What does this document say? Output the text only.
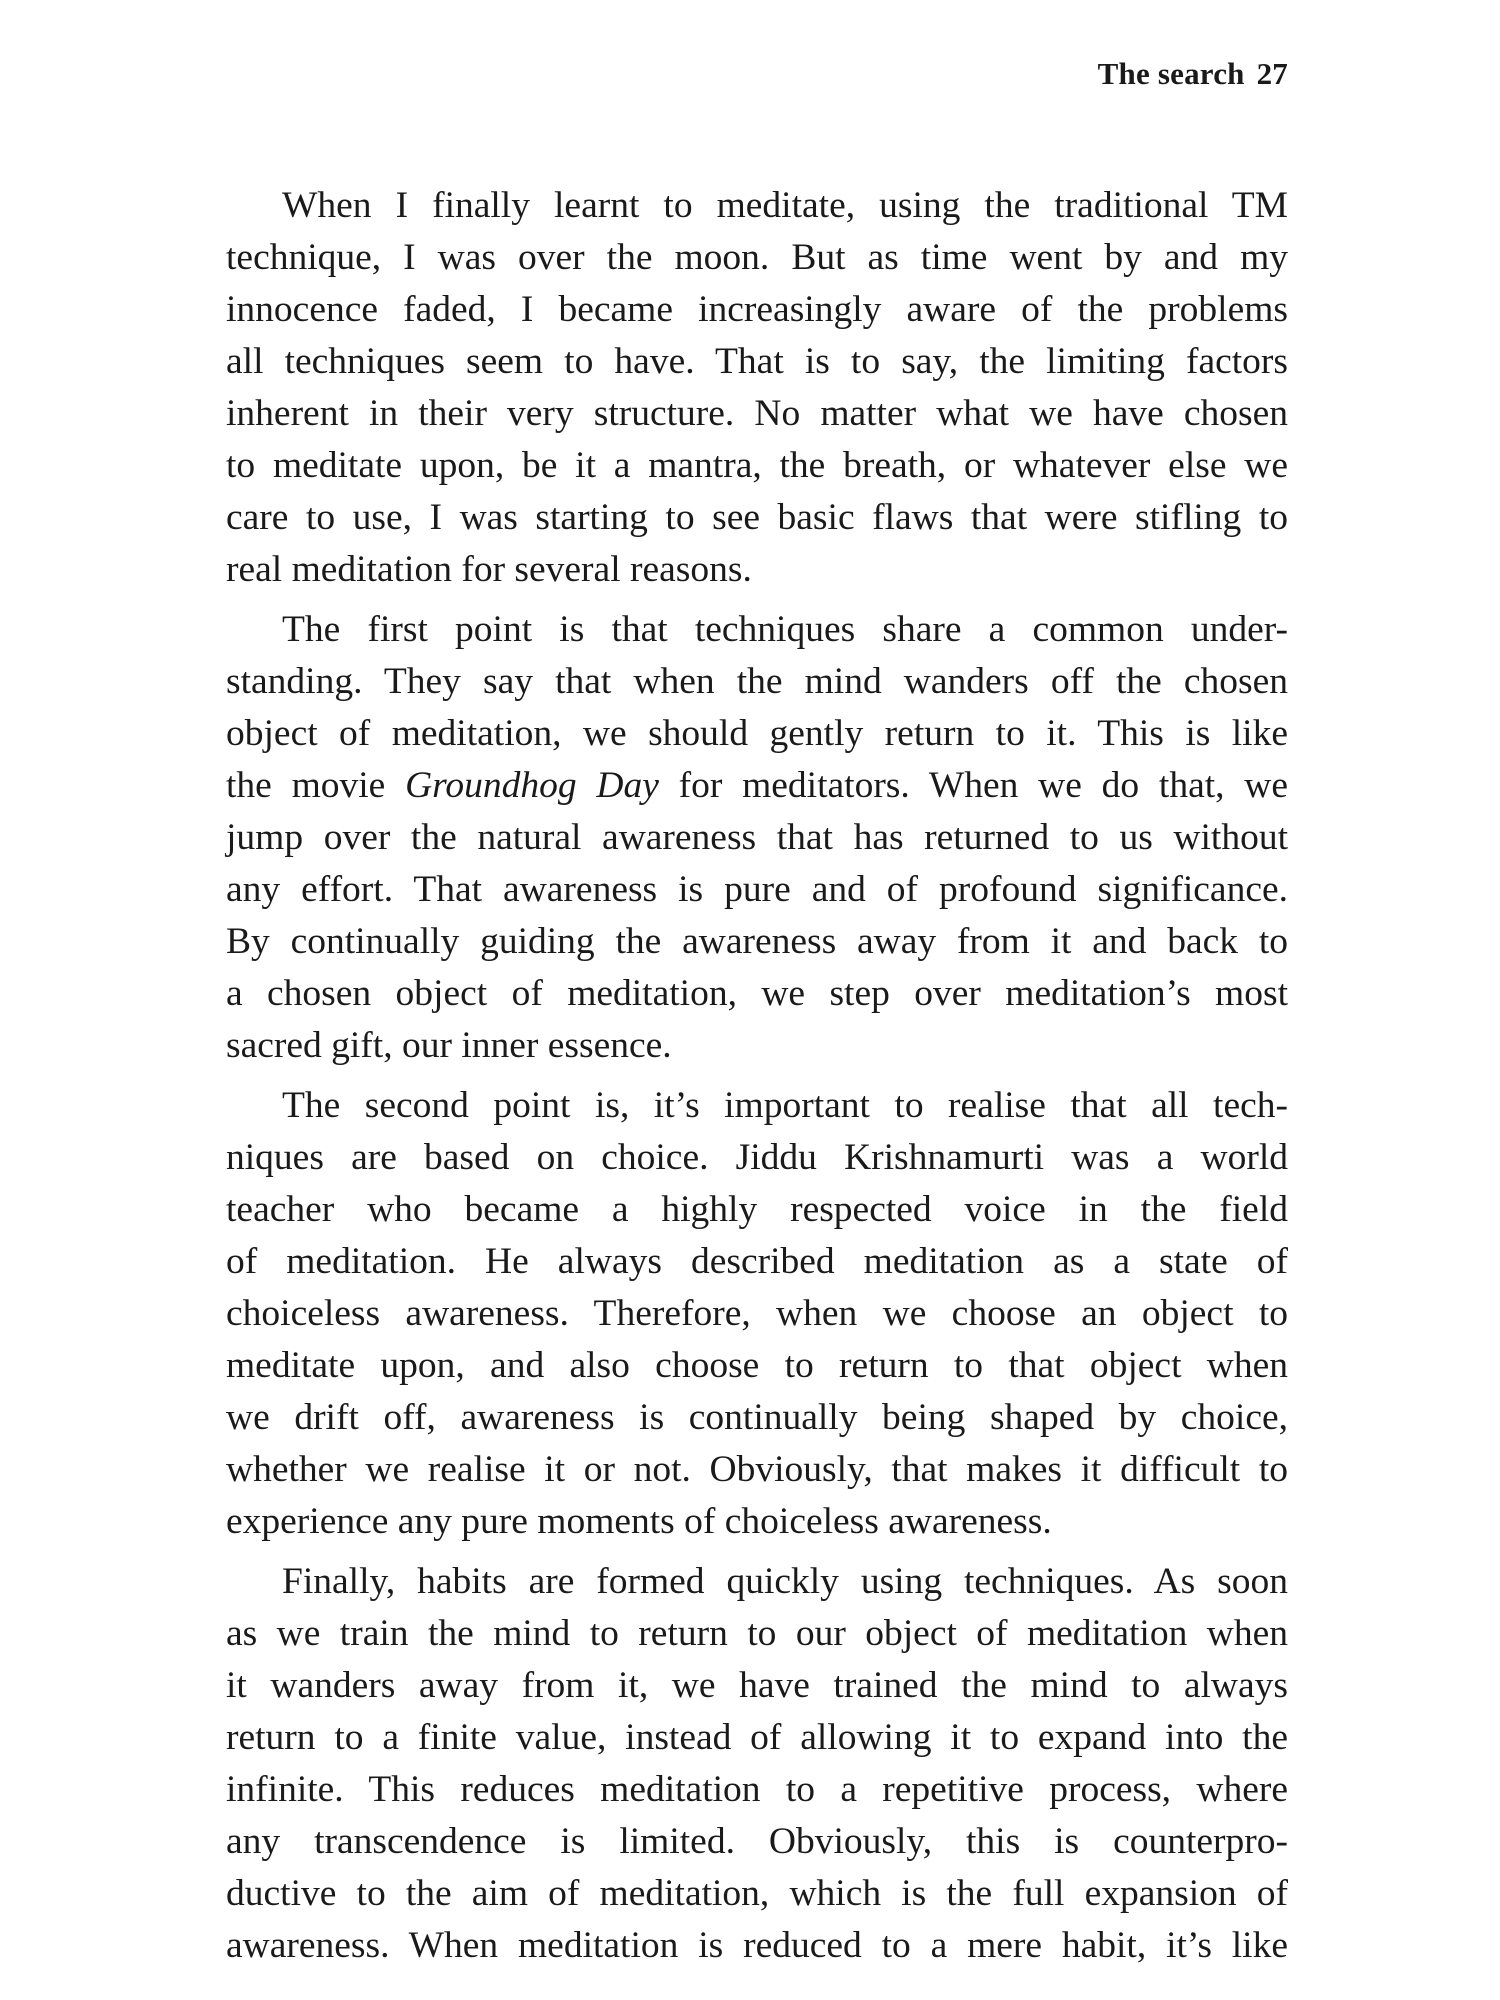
The search 27

When I finally learnt to meditate, using the traditional TM
technique, I was over the moon. But as time went by and my
innocence faded, I became increasingly aware of the problems
all techniques seem to have. That is to say, the limiting factors
inherent in their very structure. No matter what we have chosen
to meditate upon, be it a mantra, the breath, or whatever else we
care to use, I was starting to see basic flaws that were stifling to
real meditation for several reasons.

The first point is that techniques share a common under-
standing. They say that when the mind wanders off the chosen
object of meditation, we should gently return to it. This is like
the movie Groundhog Day for meditators. When we do that, we
jump over the natural awareness that has returned to us without
any effort. That awareness is pure and of profound significance.
By continually guiding the awareness away from it and back to
a chosen object of meditation, we step over meditation’s most
sacred gift, our inner essence.

The second point is, it’s important to realise that all tech-
niques are based on choice. Jiddu Krishnamurti was a world
teacher who became a highly respected voice in the field
of meditation. He always described meditation as a state of
choiceless awareness. Therefore, when we choose an object to
meditate upon, and also choose to return to that object when
we drift off, awareness is continually being shaped by choice,
whether we realise it or not. Obviously, that makes it difficult to
experience any pure moments of choiceless awareness.

Finally, habits are formed quickly using techniques. As soon
as we train the mind to return to our object of meditation when
it wanders away from it, we have trained the mind to always
return to a finite value, instead of allowing it to expand into the
infinite. This reduces meditation to a repetitive process, where
any transcendence is limited. Obviously, this is counterpro-
ductive to the aim of meditation, which is the full expansion of
awareness. When meditation is reduced to a mere habit, it’s like
